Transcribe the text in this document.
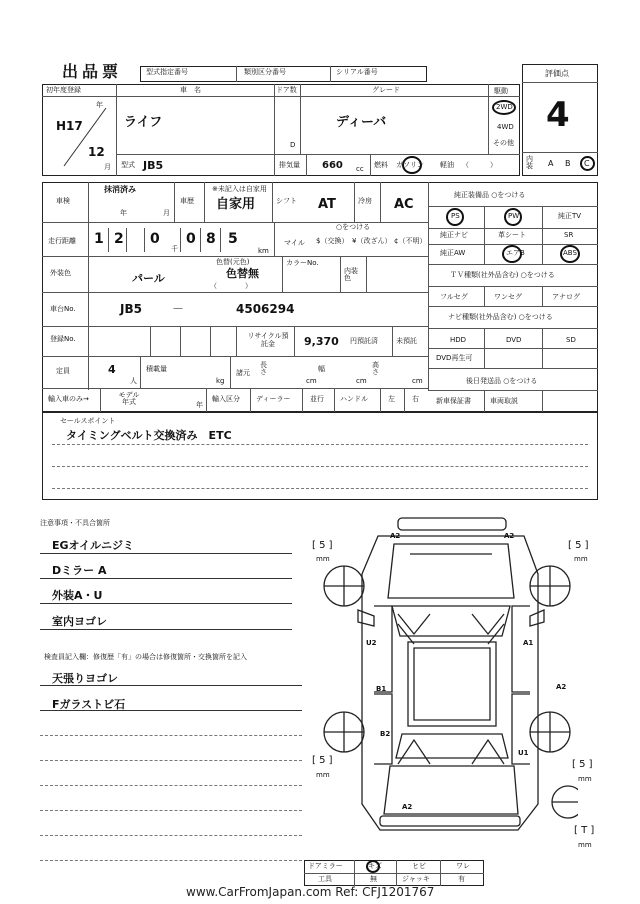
出品票	型式指定番号	類別区分番号	シリアル番号	評価点
4
内装	A B C
初年度登録
年
H17
12
月
車　名
ライフ
ドア数
D
グレード
ディーバ
駆動
2WD
4WD
その他
型式 JB5	排気量 660 cc 燃料 ガソリン 軽油 （　　　）
車検
抹消済み
年	月
車歴
※未記入は自家用
自家用	シフト AT	冷房 AC
走行距離 1 2 0
千
0 8 5
km
マイル
○をつける
$（交換） ¥（改ざん） ¢（不明）
外装色	パール
色替(元色)
色替無
（　　　　）
カラーNo.
内装色
車台No.	JB5	－	4506294
登録No.	リサイクル預託金	9,370 円預託済	未預託
定員	4
人
積載量
kg
諸元
長さ
cm
幅
cm
高さ
cm
輸入車のみ→	モデル年式	年
輸入区分 ディーラー	並行 ハンドル	左 右
純正装備品 ○をつける
PS	PW	純正TV
純正ナビ	革シート	SR
純正AW	エアB	ABS
ＴＶ種類(社外品含む) ○をつける
フルセグ	ワンセグ	アナログ
ナビ種類(社外品含む) ○をつける
HDD	DVD	SD
DVD再生可
後日発送品 ○をつける
新車保証書	車両取説
セールスポイント
タイミングベルト交換済み　ETC
注意事項・不具合箇所
EGオイルニジミ
Dミラー A
外装A・U
室内ヨゴレ
検査員記入欄：修復歴「有」の場合は修復箇所・交換箇所を記入
天張りヨゴレ
Fガラストビ石
A2	A2
U2	A1
B1	A2
B2
U1
A2
[ 5 ]
mm
[ 5 ]
mm
[ 5 ]
mm
[ 5 ]
mm
[ T ]
mm
ドアミラー	キズ	ヒビ	ワレ
工具	無	ジャッキ	有
www.CarFromJapan.com Ref: CFJ1201767
